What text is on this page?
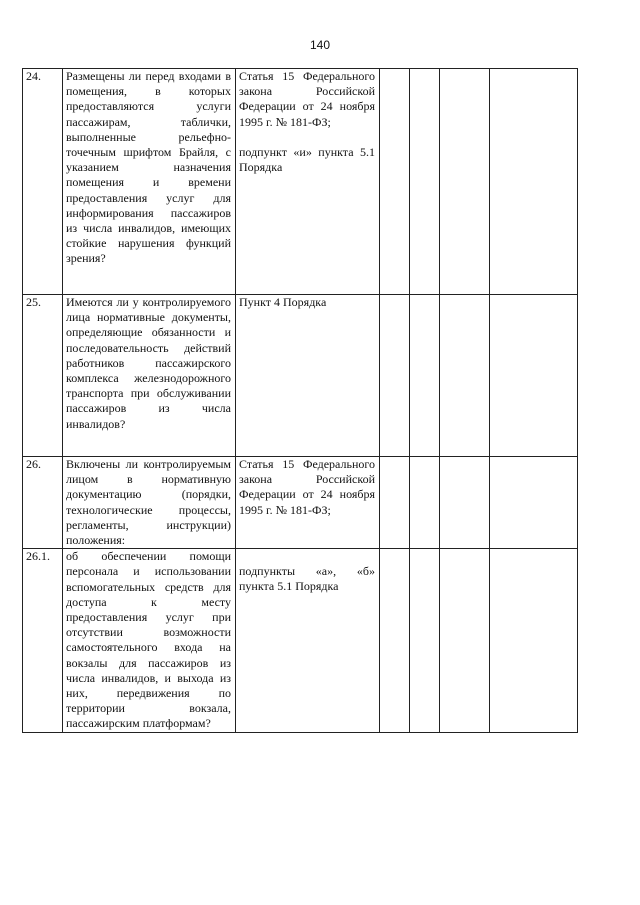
140
24.	Размещены ли перед входами в помещения, в которых предоставляются услуги пассажирам, таблички, выполненные рельефно-точечным шрифтом Брайля, с указанием назначения помещения и времени предоставления услуг для информирования пассажиров из числа инвалидов, имеющих стойкие нарушения функций зрения?	Статья 15 Федерального закона Российской Федерации от 24 ноября 1995 г. № 181-ФЗ;
подпункт «и» пункта 5.1 Порядка				

25.	Имеются ли у контролируемого лица нормативные документы, определяющие обязанности и последовательность действий работников пассажирского комплекса железнодорожного транспорта при обслуживании пассажиров из числа инвалидов?	Пункт 4 Порядка				

26.	Включены ли контролируемым лицом в нормативную документацию (порядки, технологические процессы, регламенты, инструкции) положения:	Статья 15 Федерального закона Российской Федерации от 24 ноября 1995 г. № 181-ФЗ;				

26.1.	об обеспечении помощи персонала и использовании вспомогательных средств для доступа к месту предоставления услуг при отсутствии возможности самостоятельного входа на вокзалы для пассажиров из числа инвалидов, и выхода из них, передвижения по территории вокзала, пассажирским платформам?	подпункты «а», «б» пункта 5.1 Порядка				
